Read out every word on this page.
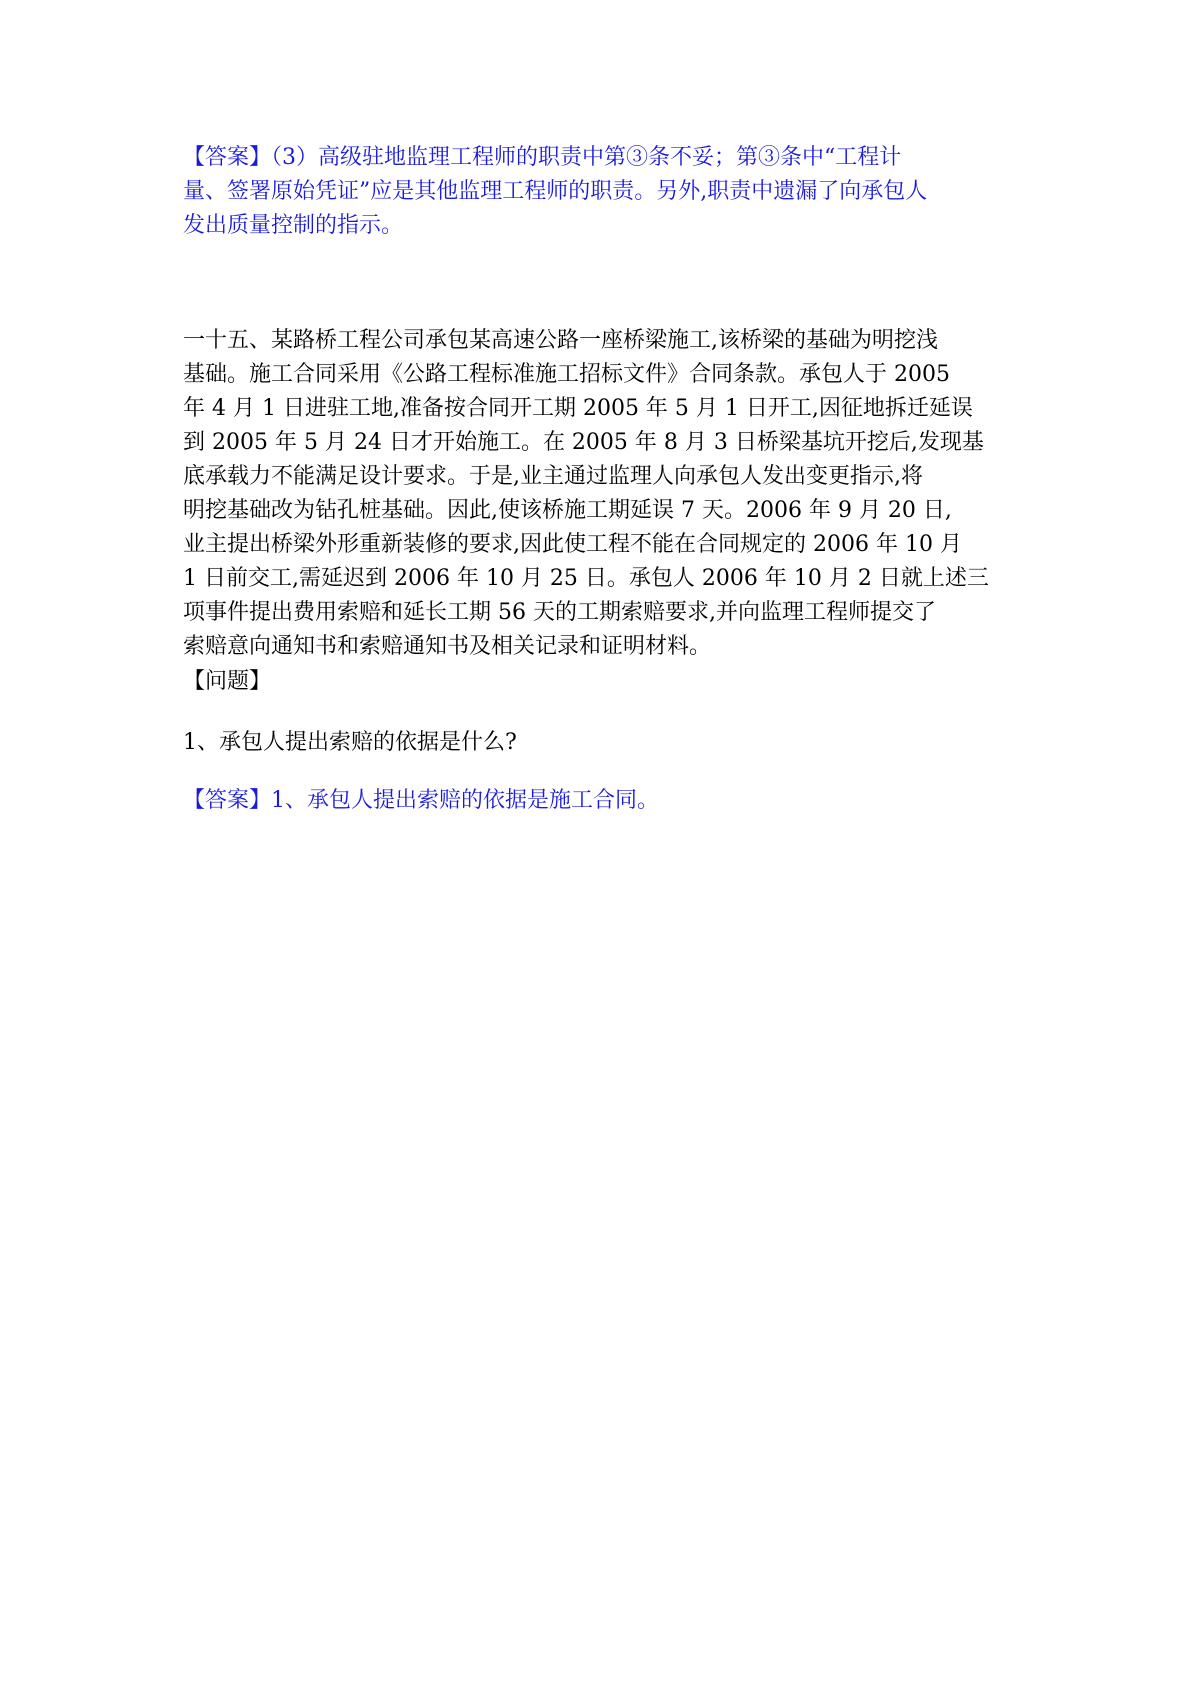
【答案】（3）高级驻地监理工程师的职责中第③条不妥；第③条中“工程计
量、签署原始凭证”应是其他监理工程师的职责。另外,职责中遗漏了向承包人
发出质量控制的指示。
一十五、某路桥工程公司承包某高速公路一座桥梁施工,该桥梁的基础为明挖浅
基础。施工合同采用《公路工程标准施工招标文件》合同条款。承包人于 2005
年 4 月 1 日进驻工地,准备按合同开工期 2005 年 5 月 1 日开工,因征地拆迁延误
到 2005 年 5 月 24 日才开始施工。在 2005 年 8 月 3 日桥梁基坑开挖后,发现基
底承载力不能满足设计要求。于是,业主通过监理人向承包人发出变更指示,将
明挖基础改为钻孔桩基础。因此,使该桥施工期延误 7 天。2006 年 9 月 20 日,
业主提出桥梁外形重新装修的要求,因此使工程不能在合同规定的 2006 年 10 月
1 日前交工,需延迟到 2006 年 10 月 25 日。承包人 2006 年 10 月 2 日就上述三
项事件提出费用索赔和延长工期 56 天的工期索赔要求,并向监理工程师提交了
索赔意向通知书和索赔通知书及相关记录和证明材料。
【问题】
1、承包人提出索赔的依据是什么?
【答案】1、承包人提出索赔的依据是施工合同。
